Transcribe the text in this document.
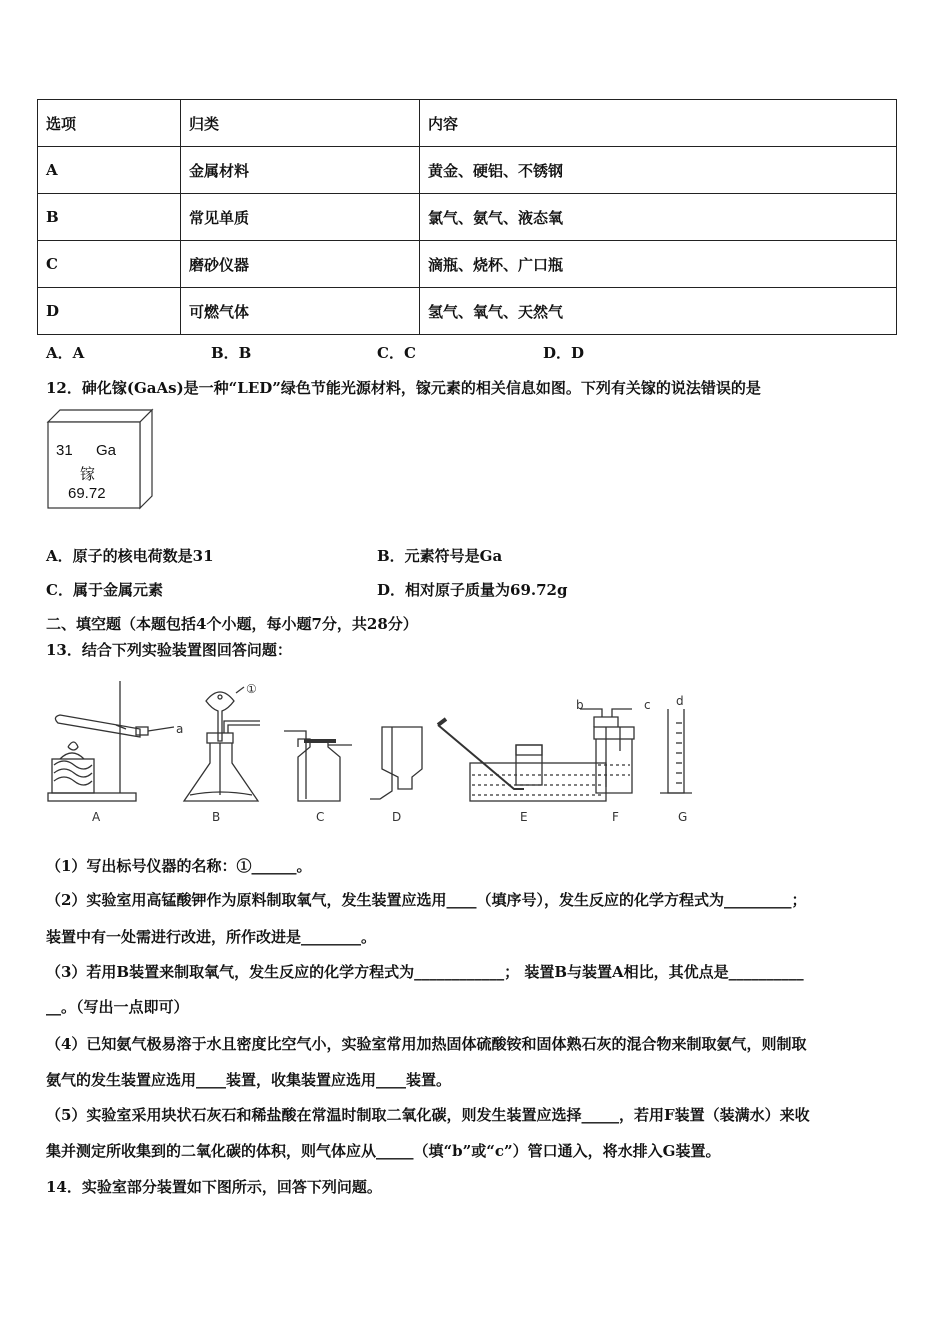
选项	归类	内容
A	金属材料	黄金、硬铝、不锈钢
B	常见单质	氯气、氨气、液态氧
C	磨砂仪器	滴瓶、烧杯、广口瓶
D	可燃气体	氢气、氧气、天然气
A．A	B．B	C．C	D．D
12．砷化镓(GaAs)是一种“LED”绿色节能光源材料，镓元素的相关信息如图。下列有关镓的说法错误的是
31 Ga
镓
69.72
A．原子的核电荷数是31	B．元素符号是Ga
C．属于金属元素	D．相对原子质量为69.72g
二、填空题（本题包括4个小题，每小题7分，共28分）
13．结合下列实验装置图回答问题：
a
①
b	c d
A	B	C	D	E	F	G
（1）写出标号仪器的名称：①______。
（2）实验室用高锰酸钾作为原料制取氧气，发生装置应选用____（填序号），发生反应的化学方程式为_________；
装置中有一处需进行改进，所作改进是________。
（3）若用B装置来制取氧气，发生反应的化学方程式为____________； 装置B与装置A相比，其优点是__________
__。（写出一点即可）
（4）已知氨气极易溶于水且密度比空气小，实验室常用加热固体硫酸铵和固体熟石灰的混合物来制取氨气，则制取
氨气的发生装置应选用____装置，收集装置应选用____装置。
（5）实验室采用块状石灰石和稀盐酸在常温时制取二氧化碳，则发生装置应选择_____，若用F装置（装满水）来收
集并测定所收集到的二氧化碳的体积，则气体应从_____（填“b”或“c”）管口通入，将水排入G装置。
14．实验室部分装置如下图所示，回答下列问题。
